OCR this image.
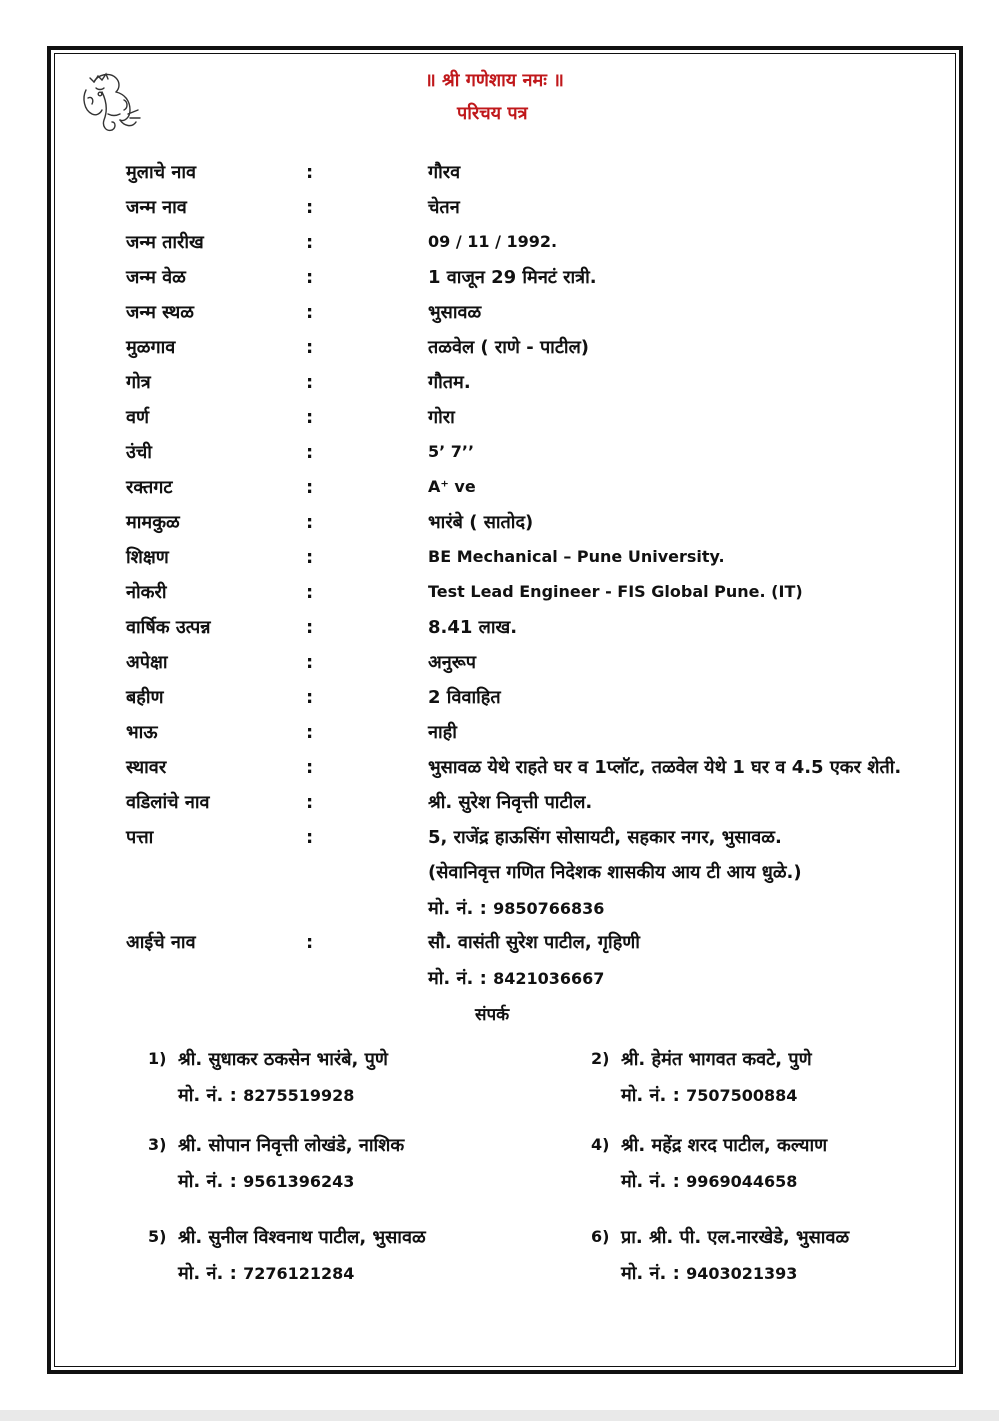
॥ श्री गणेशाय नमः ॥
परिचय पत्र
मुलाचे नाव	:	गौरव
जन्म नाव	:	चेतन
जन्म तारीख	:	09 / 11 / 1992.
जन्म वेळ	:	1 वाजून 29 मिनटं रात्री.
जन्म स्थळ	:	भुसावळ
मुळगाव	:	तळवेल ( राणे - पाटील)
गोत्र	:	गौतम.
वर्ण	:	गोरा
उंची	:	5’ 7’’
रक्तगट	:	A⁺ ve
मामकुळ	:	भारंबे ( सातोद)
शिक्षण	:	BE Mechanical – Pune University.
नोकरी	:	Test Lead Engineer - FIS Global Pune. (IT)
वार्षिक उत्पन्न	:	8.41 लाख.
अपेक्षा	:	अनुरूप
बहीण	:	2 विवाहित
भाऊ	:	नाही
स्थावर	:	भुसावळ येथे राहते घर व 1प्लॉट, तळवेल येथे 1 घर व 4.5 एकर शेती.
वडिलांचे नाव	:	श्री. सुरेश निवृत्ती पाटील.
पत्ता	:	5, राजेंद्र हाऊसिंग सोसायटी, सहकार नगर, भुसावळ.
(सेवानिवृत्त गणित निदेशक शासकीय आय टी आय धुळे.)
मो. नं. : 9850766836
आईचे नाव	:	सौ. वासंती सुरेश पाटील, गृहिणी
मो. नं. : 8421036667
संपर्क
1) श्री. सुधाकर ठकसेन भारंबे, पुणे
मो. नं. : 8275519928
2) श्री. हेमंत भागवत कवटे, पुणे
मो. नं. : 7507500884
3) श्री. सोपान निवृत्ती लोखंडे, नाशिक
मो. नं. : 9561396243
4) श्री. महेंद्र शरद पाटील, कल्याण
मो. नं. : 9969044658
5) श्री. सुनील विश्वनाथ पाटील, भुसावळ
मो. नं. : 7276121284
6) प्रा. श्री. पी. एल.नारखेडे, भुसावळ
मो. नं. : 9403021393
